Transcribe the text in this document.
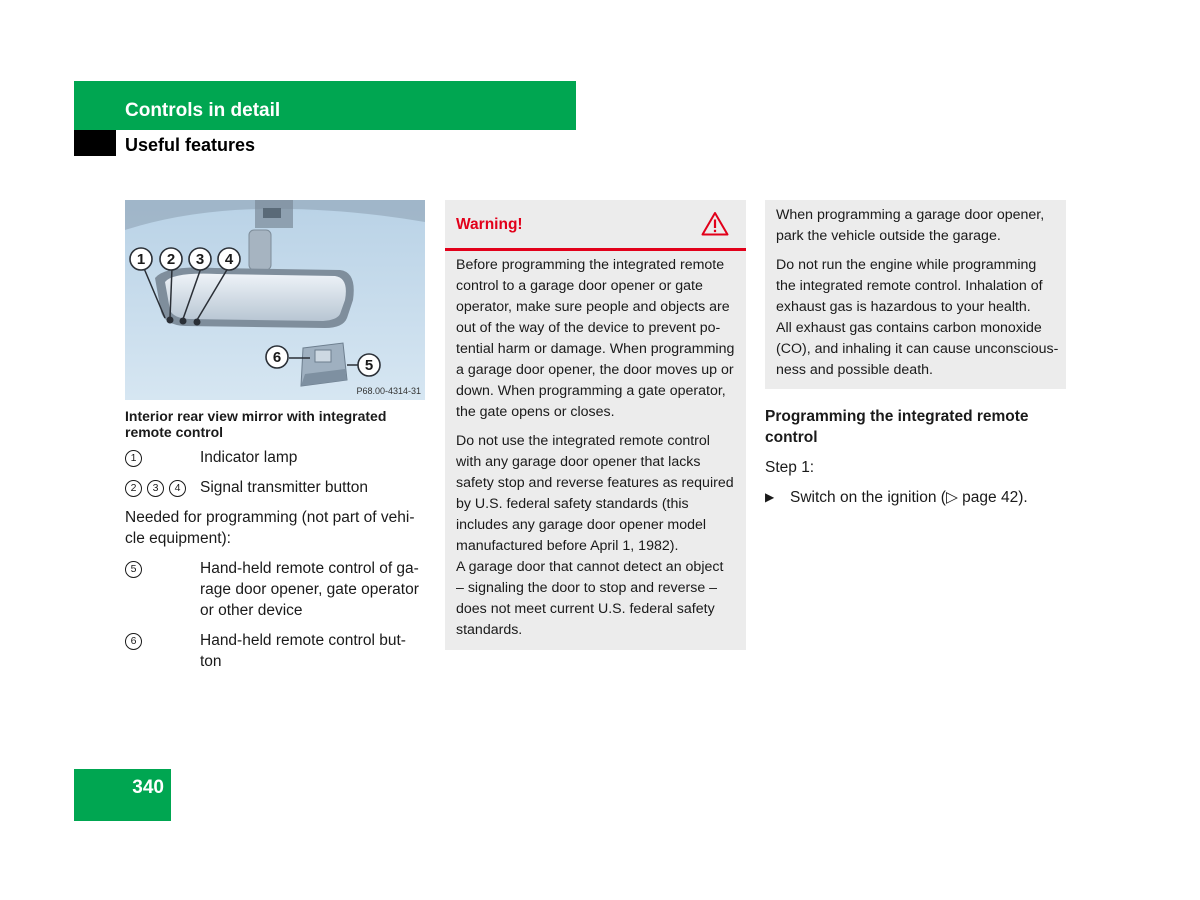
Controls in detail
Useful features
1 2 3 4
6	5
P68.00-4314-31
Interior rear view mirror with integrated remote control
1	Indicator lamp
2 3 4	Signal transmitter button
Needed for programming (not part of vehi-
cle equipment):
5	Hand-held remote control of ga-
rage door opener, gate operator
or other device
6	Hand-held remote control but-
ton
Warning!
Before programming the integrated remote
control to a garage door opener or gate
operator, make sure people and objects are
out of the way of the device to prevent po-
tential harm or damage. When programming
a garage door opener, the door moves up or
down. When programming a gate operator,
the gate opens or closes.
Do not use the integrated remote control
with any garage door opener that lacks
safety stop and reverse features as required
by U.S. federal safety standards (this
includes any garage door opener model
manufactured before April 1, 1982).
A garage door that cannot detect an object
– signaling the door to stop and reverse –
does not meet current U.S. federal safety
standards.
When programming a garage door opener,
park the vehicle outside the garage.
Do not run the engine while programming
the integrated remote control. Inhalation of
exhaust gas is hazardous to your health.
All exhaust gas contains carbon monoxide
(CO), and inhaling it can cause unconscious-
ness and possible death.
Programming the integrated remote
control
Step 1:
▶ Switch on the ignition (▷ page 42).
340
